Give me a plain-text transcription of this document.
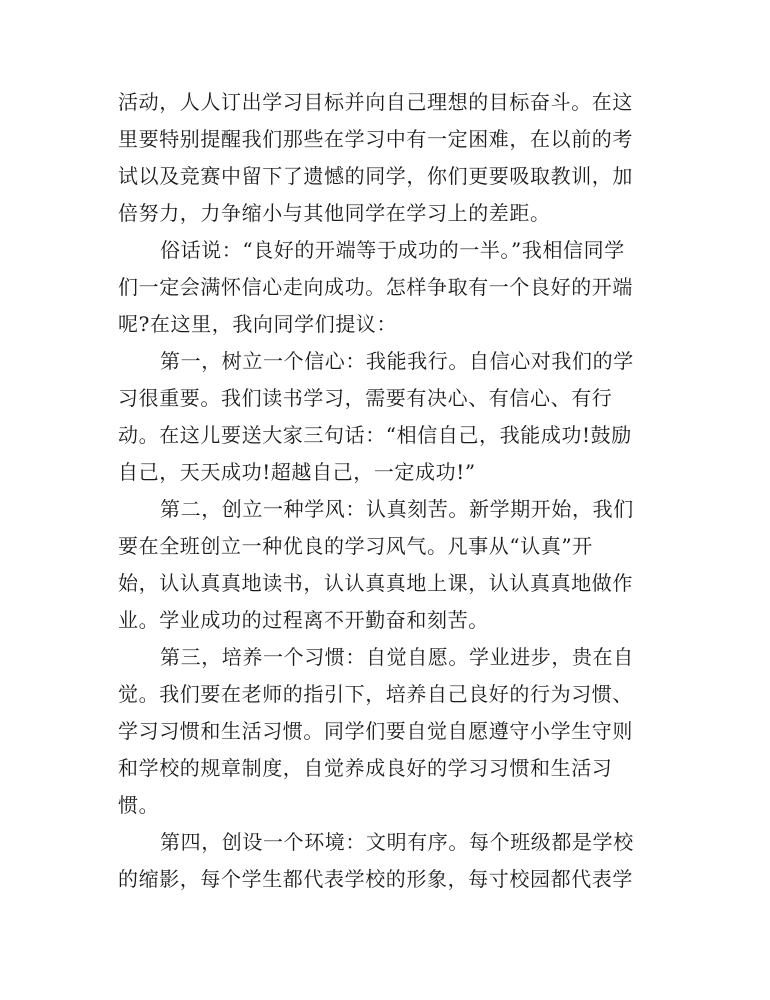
活动，人人订出学习目标并向自己理想的目标奋斗。在这
里要特别提醒我们那些在学习中有一定困难，在以前的考
试以及竞赛中留下了遗憾的同学，你们更要吸取教训，加
倍努力，力争缩小与其他同学在学习上的差距。
俗话说：“良好的开端等于成功的一半。”我相信同学
们一定会满怀信心走向成功。怎样争取有一个良好的开端
呢?在这里，我向同学们提议：
第一，树立一个信心：我能我行。自信心对我们的学
习很重要。我们读书学习，需要有决心、有信心、有行
动。在这儿要送大家三句话：“相信自己，我能成功!鼓励
自己，天天成功!超越自己，一定成功!”
第二，创立一种学风：认真刻苦。新学期开始，我们
要在全班创立一种优良的学习风气。凡事从“认真”开
始，认认真真地读书，认认真真地上课，认认真真地做作
业。学业成功的过程离不开勤奋和刻苦。
第三，培养一个习惯：自觉自愿。学业进步，贵在自
觉。我们要在老师的指引下，培养自己良好的行为习惯、
学习习惯和生活习惯。同学们要自觉自愿遵守小学生守则
和学校的规章制度，自觉养成良好的学习习惯和生活习
惯。
第四，创设一个环境：文明有序。每个班级都是学校
的缩影，每个学生都代表学校的形象，每寸校园都代表学
